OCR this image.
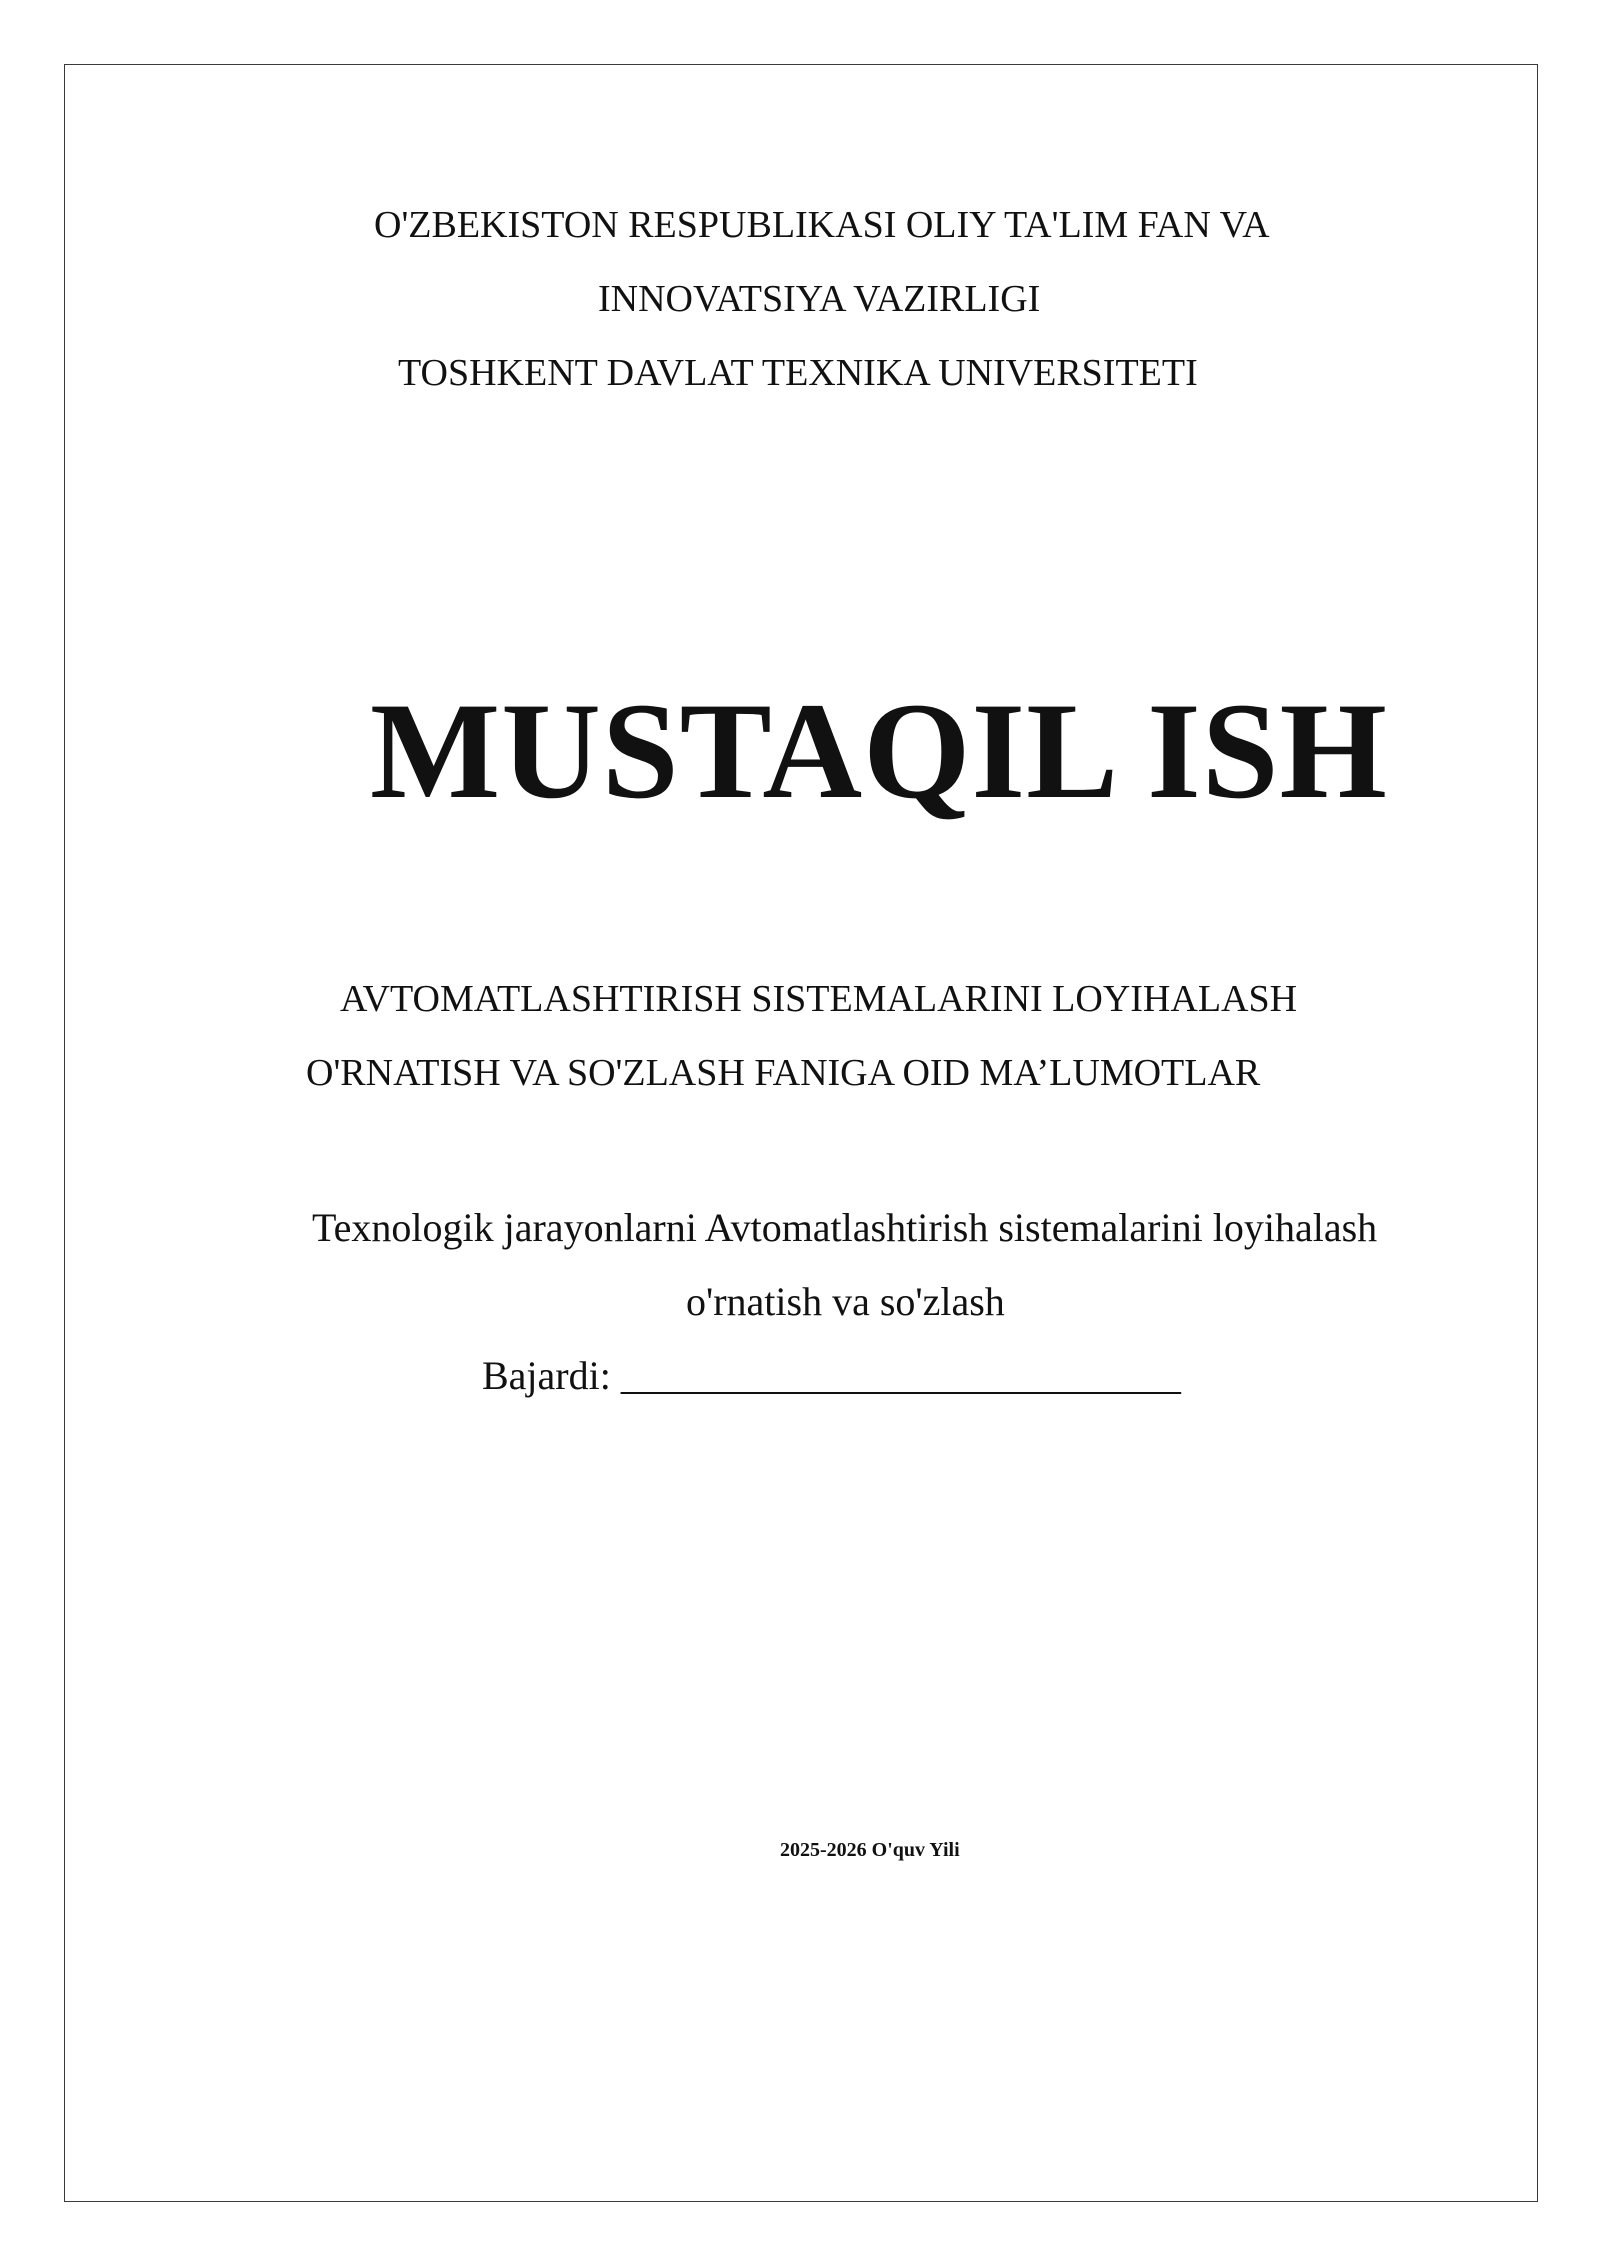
O'ZBEKISTON RESPUBLIKASI OLIY TA'LIM FAN VA
INNOVATSIYA VAZIRLIGI
TOSHKENT DAVLAT TEXNIKA UNIVERSITETI
MUSTAQIL ISH
AVTOMATLASHTIRISH SISTEMALARINI LOYIHALASH
O'RNATISH VA SO'ZLASH FANIGA OID MA’LUMOTLAR
Texnologik jarayonlarni Avtomatlashtirish sistemalarini loyihalash
o'rnatish va so'zlash
Bajardi: ____________________________
2025-2026 O'quv Yili
